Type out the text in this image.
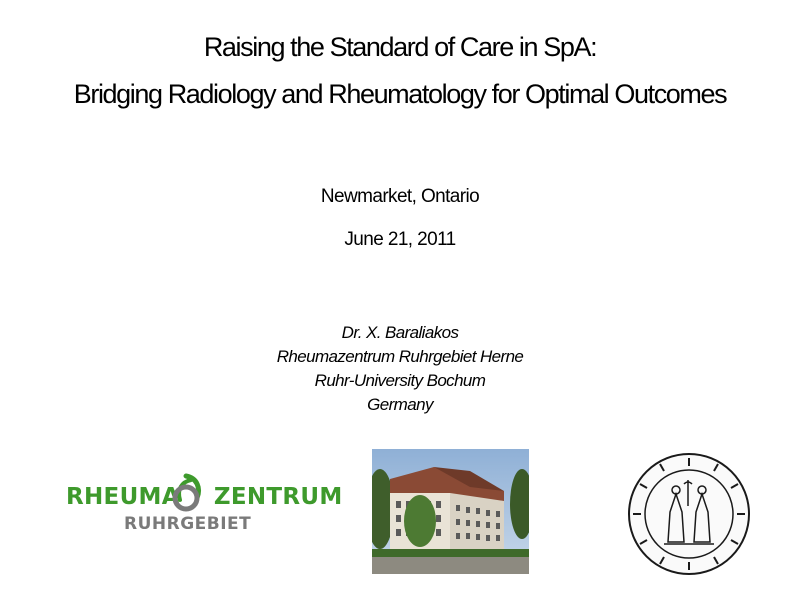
Raising the Standard of Care in SpA:
Bridging Radiology and Rheumatology for Optimal Outcomes
Newmarket, Ontario
June 21, 2011
Dr. X. Baraliakos
Rheumazentrum Ruhrgebiet Herne
Ruhr-University Bochum
Germany
RHEUMA ZENTRUM
RUHRGEBIET
